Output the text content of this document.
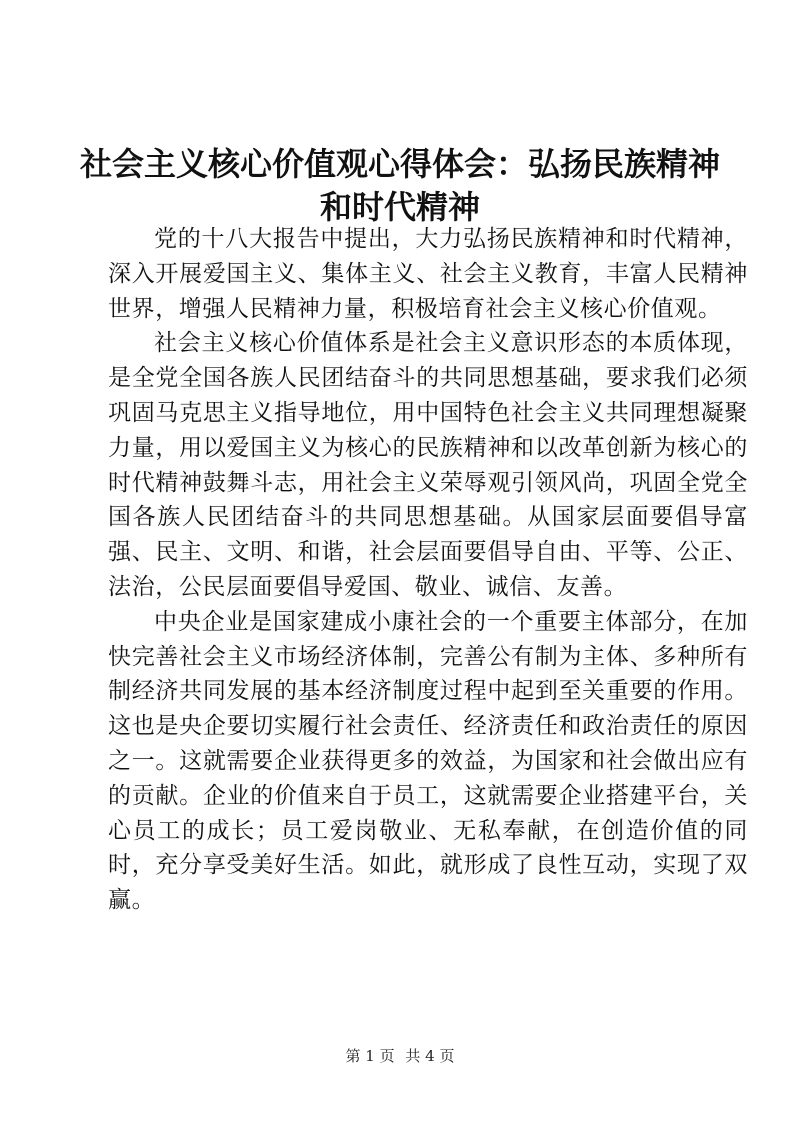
社会主义核心价值观心得体会：弘扬民族精神
和时代精神

党的十八大报告中提出，大力弘扬民族精神和时代精神，深入开展爱国主义、集体主义、社会主义教育，丰富人民精神世界，增强人民精神力量，积极培育社会主义核心价值观。

社会主义核心价值体系是社会主义意识形态的本质体现，是全党全国各族人民团结奋斗的共同思想基础，要求我们必须巩固马克思主义指导地位，用中国特色社会主义共同理想凝聚力量，用以爱国主义为核心的民族精神和以改革创新为核心的时代精神鼓舞斗志，用社会主义荣辱观引领风尚，巩固全党全国各族人民团结奋斗的共同思想基础。从国家层面要倡导富强、民主、文明、和谐，社会层面要倡导自由、平等、公正、法治，公民层面要倡导爱国、敬业、诚信、友善。

中央企业是国家建成小康社会的一个重要主体部分，在加快完善社会主义市场经济体制，完善公有制为主体、多种所有制经济共同发展的基本经济制度过程中起到至关重要的作用。这也是央企要切实履行社会责任、经济责任和政治责任的原因之一。这就需要企业获得更多的效益，为国家和社会做出应有的贡献。企业的价值来自于员工，这就需要企业搭建平台，关心员工的成长；员工爱岗敬业、无私奉献，在创造价值的同时，充分享受美好生活。如此，就形成了良性互动，实现了双赢。

第 1 页 共 4 页
